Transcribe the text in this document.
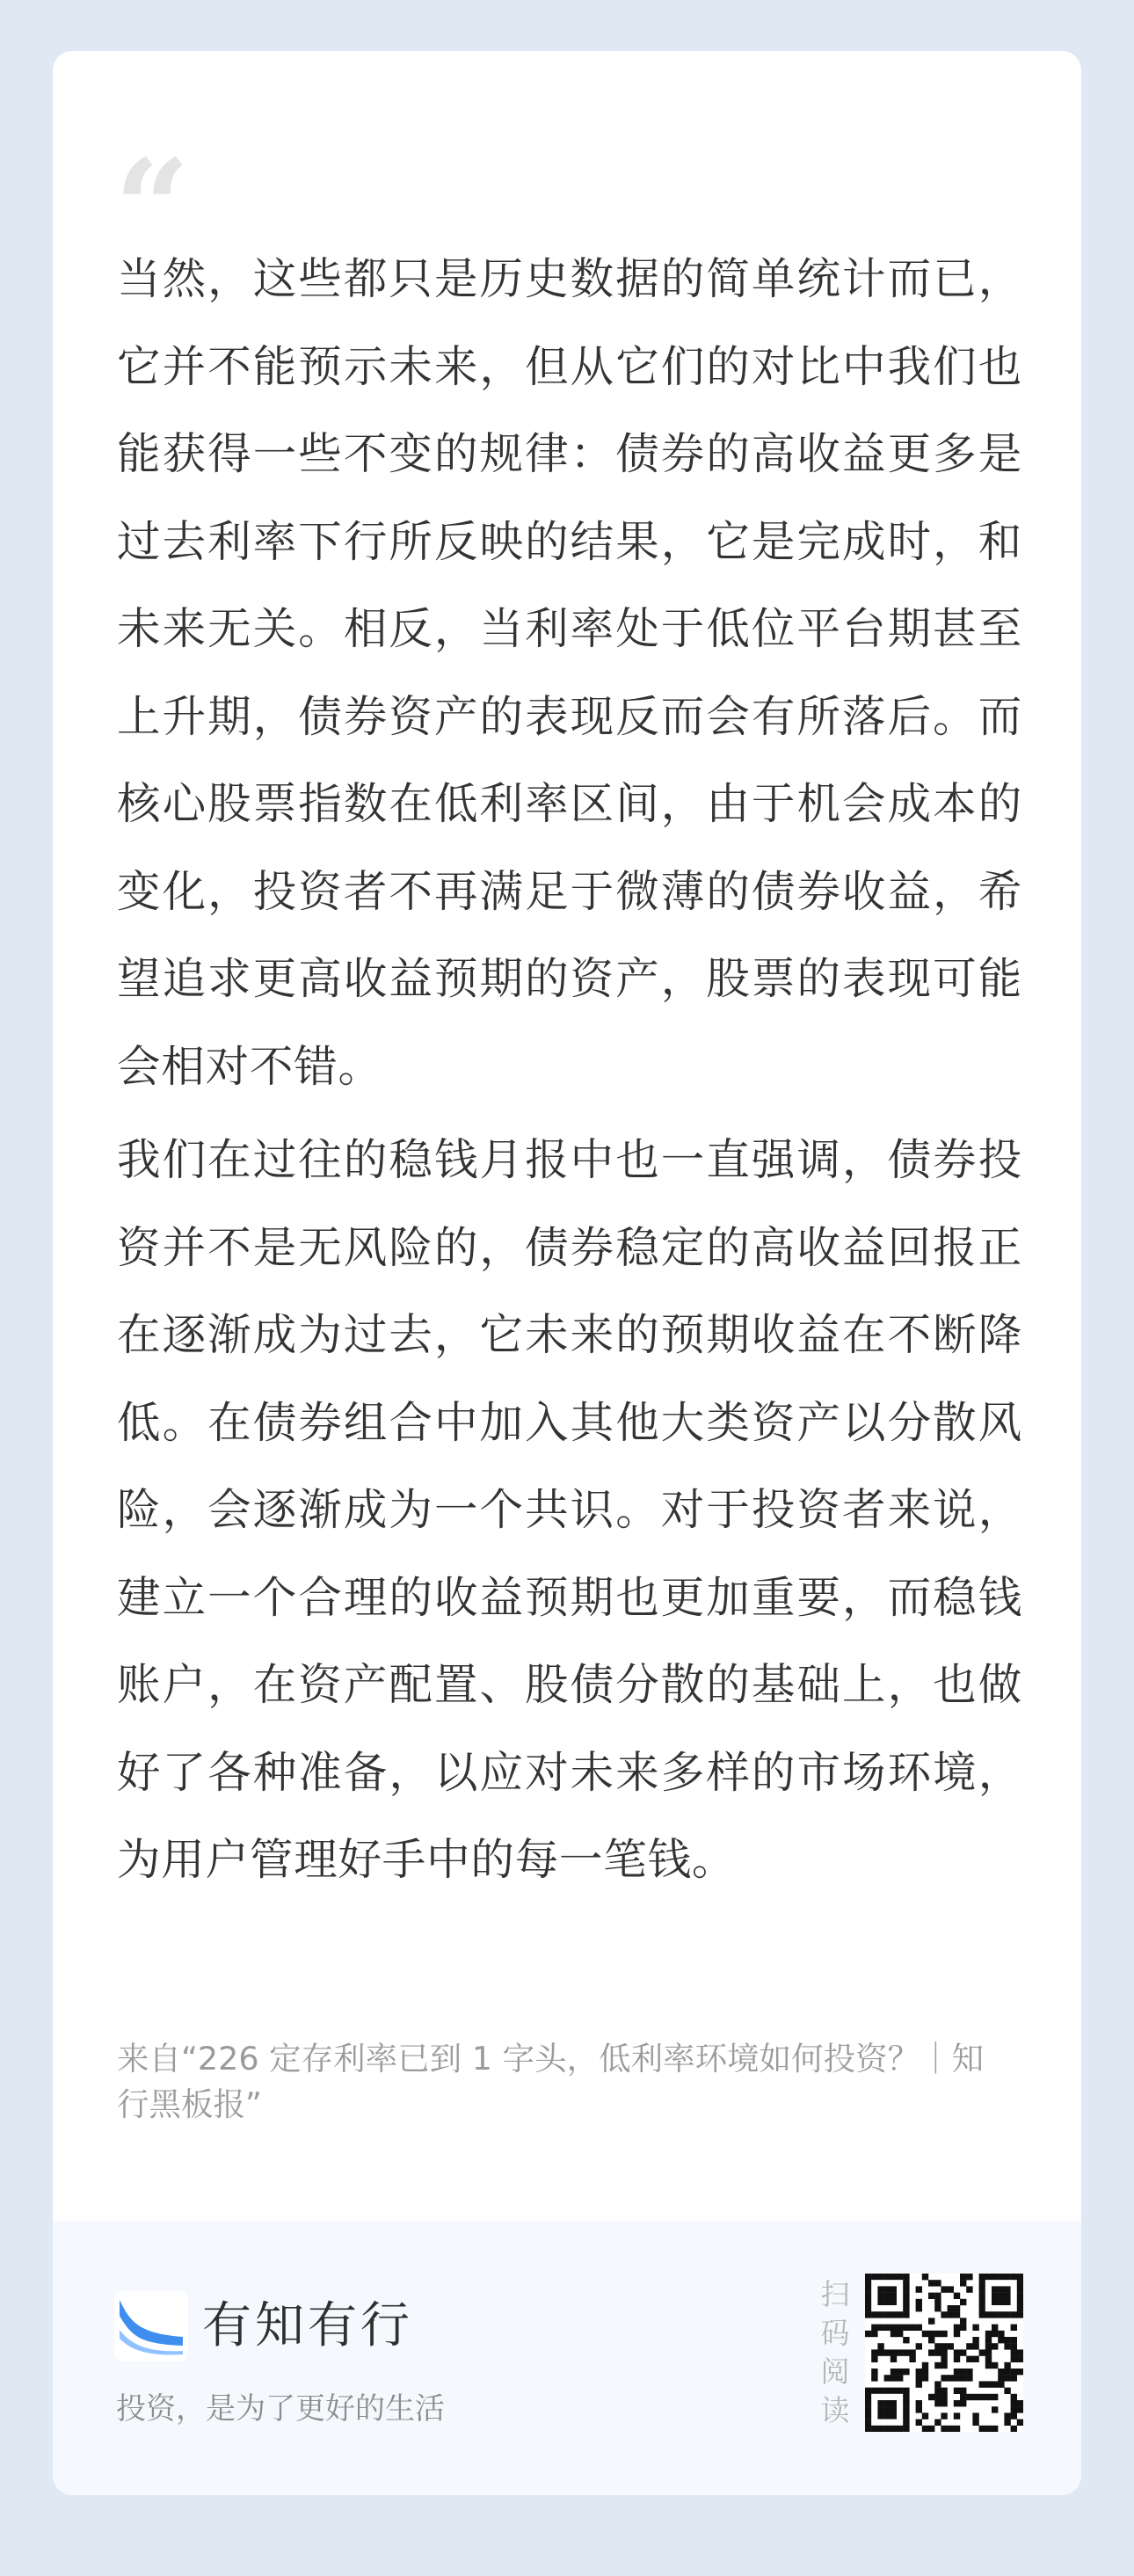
“

当然，这些都只是历史数据的简单统计而已，它并不能预示未来，但从它们的对比中我们也能获得一些不变的规律：债券的高收益更多是过去利率下行所反映的结果，它是完成时，和未来无关。相反，当利率处于低位平台期甚至上升期，债券资产的表现反而会有所落后。而核心股票指数在低利率区间，由于机会成本的变化，投资者不再满足于微薄的债券收益，希望追求更高收益预期的资产，股票的表现可能会相对不错。

我们在过往的稳钱月报中也一直强调，债券投资并不是无风险的，债券稳定的高收益回报正在逐渐成为过去，它未来的预期收益在不断降低。在债券组合中加入其他大类资产以分散风险，会逐渐成为一个共识。对于投资者来说，建立一个合理的收益预期也更加重要，而稳钱账户，在资产配置、股债分散的基础上，也做好了各种准备，以应对未来多样的市场环境，为用户管理好手中的每一笔钱。

来自“226 定存利率已到 1 字头，低利率环境如何投资？｜知行黑板报”
有知有行
投资，是为了更好的生活
扫码阅读
